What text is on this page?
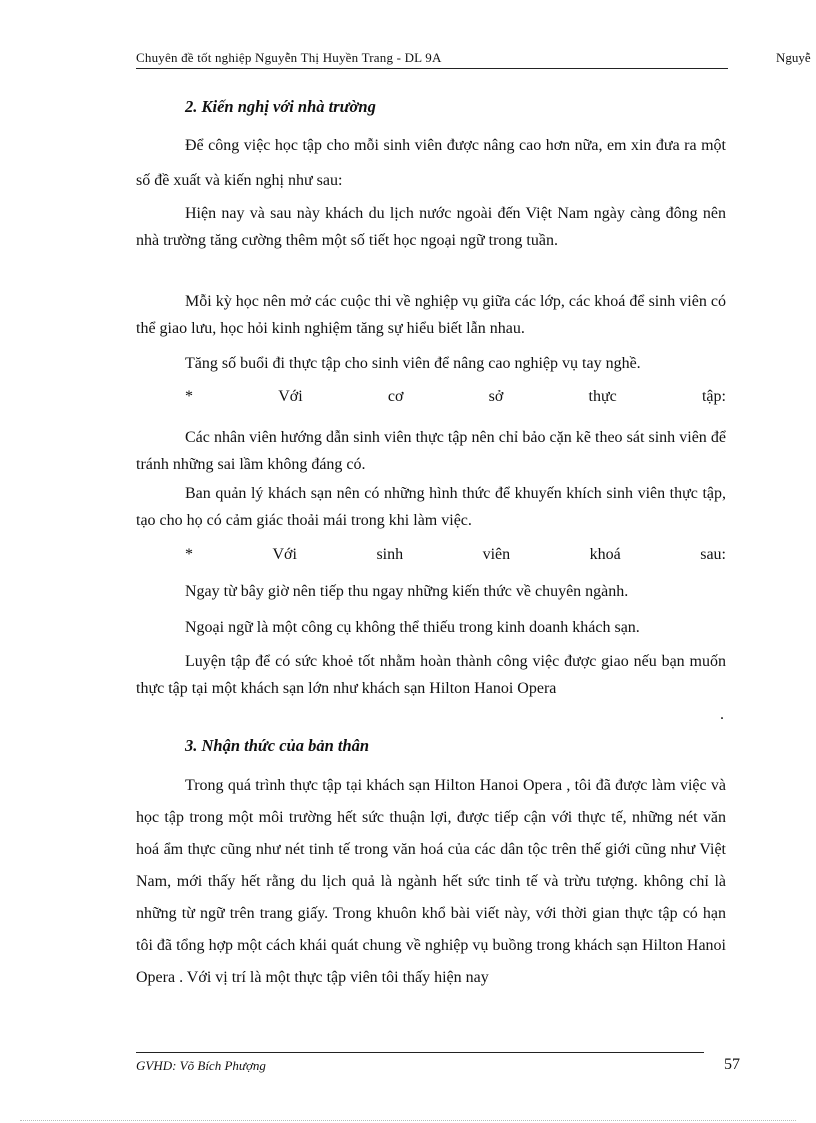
Chuyên đề tốt nghiệp Nguyễn Thị Huyền Trang - DL 9A	Nguyễ
2. Kiến nghị với nhà trường
Để công việc học tập cho mỗi sinh viên được nâng cao hơn nữa, em xin đưa ra một số đề xuất và kiến nghị như sau:
Hiện nay và sau này khách du lịch nước ngoài đến Việt Nam ngày càng đông nên nhà trường tăng cường thêm một số tiết học ngoại ngữ trong tuần.
Mỗi kỳ học nên mở các cuộc thi về nghiệp vụ giữa các lớp, các khoá để sinh viên có thể giao lưu, học hỏi kinh nghiệm tăng sự hiểu biết lẫn nhau.
Tăng số buổi đi thực tập cho sinh viên để nâng cao nghiệp vụ tay nghề.
*	Với	cơ	sở	thực	tập:
Các nhân viên hướng dẫn sinh viên thực tập nên chỉ bảo cặn kẽ theo sát sinh viên để tránh những sai lầm không đáng có.
Ban quản lý khách sạn nên có những hình thức để khuyến khích sinh viên thực tập, tạo cho họ có cảm giác thoải mái trong khi làm việc.
*	Với	sinh	viên	khoá	sau:
Ngay từ bây giờ nên tiếp thu ngay những kiến thức về chuyên ngành.
Ngoại ngữ là một công cụ không thể thiếu trong kinh doanh khách sạn.
Luyện tập để có sức khoẻ tốt nhằm hoàn thành công việc được giao nếu bạn muốn thực tập tại một khách sạn lớn như khách sạn Hilton Hanoi Opera
.
3. Nhận thức của bản thân
Trong quá trình thực tập tại khách sạn Hilton Hanoi Opera , tôi đã được làm việc và học tập trong một môi trường hết sức thuận lợi, được tiếp cận với thực tế, những nét văn hoá ẩm thực cũng như nét tinh tế trong văn hoá của các dân tộc trên thế giới cũng như Việt Nam, mới thấy hết rằng du lịch quả là ngành hết sức tinh tế và trừu tượng. không chỉ là những từ ngữ trên trang giấy. Trong khuôn khổ bài viết này, với thời gian thực tập có hạn tôi đã tổng hợp một cách khái quát chung về nghiệp vụ buồng trong khách sạn Hilton Hanoi Opera . Với vị trí là một thực tập viên tôi thấy hiện nay
GVHD: Võ Bích Phượng	57
